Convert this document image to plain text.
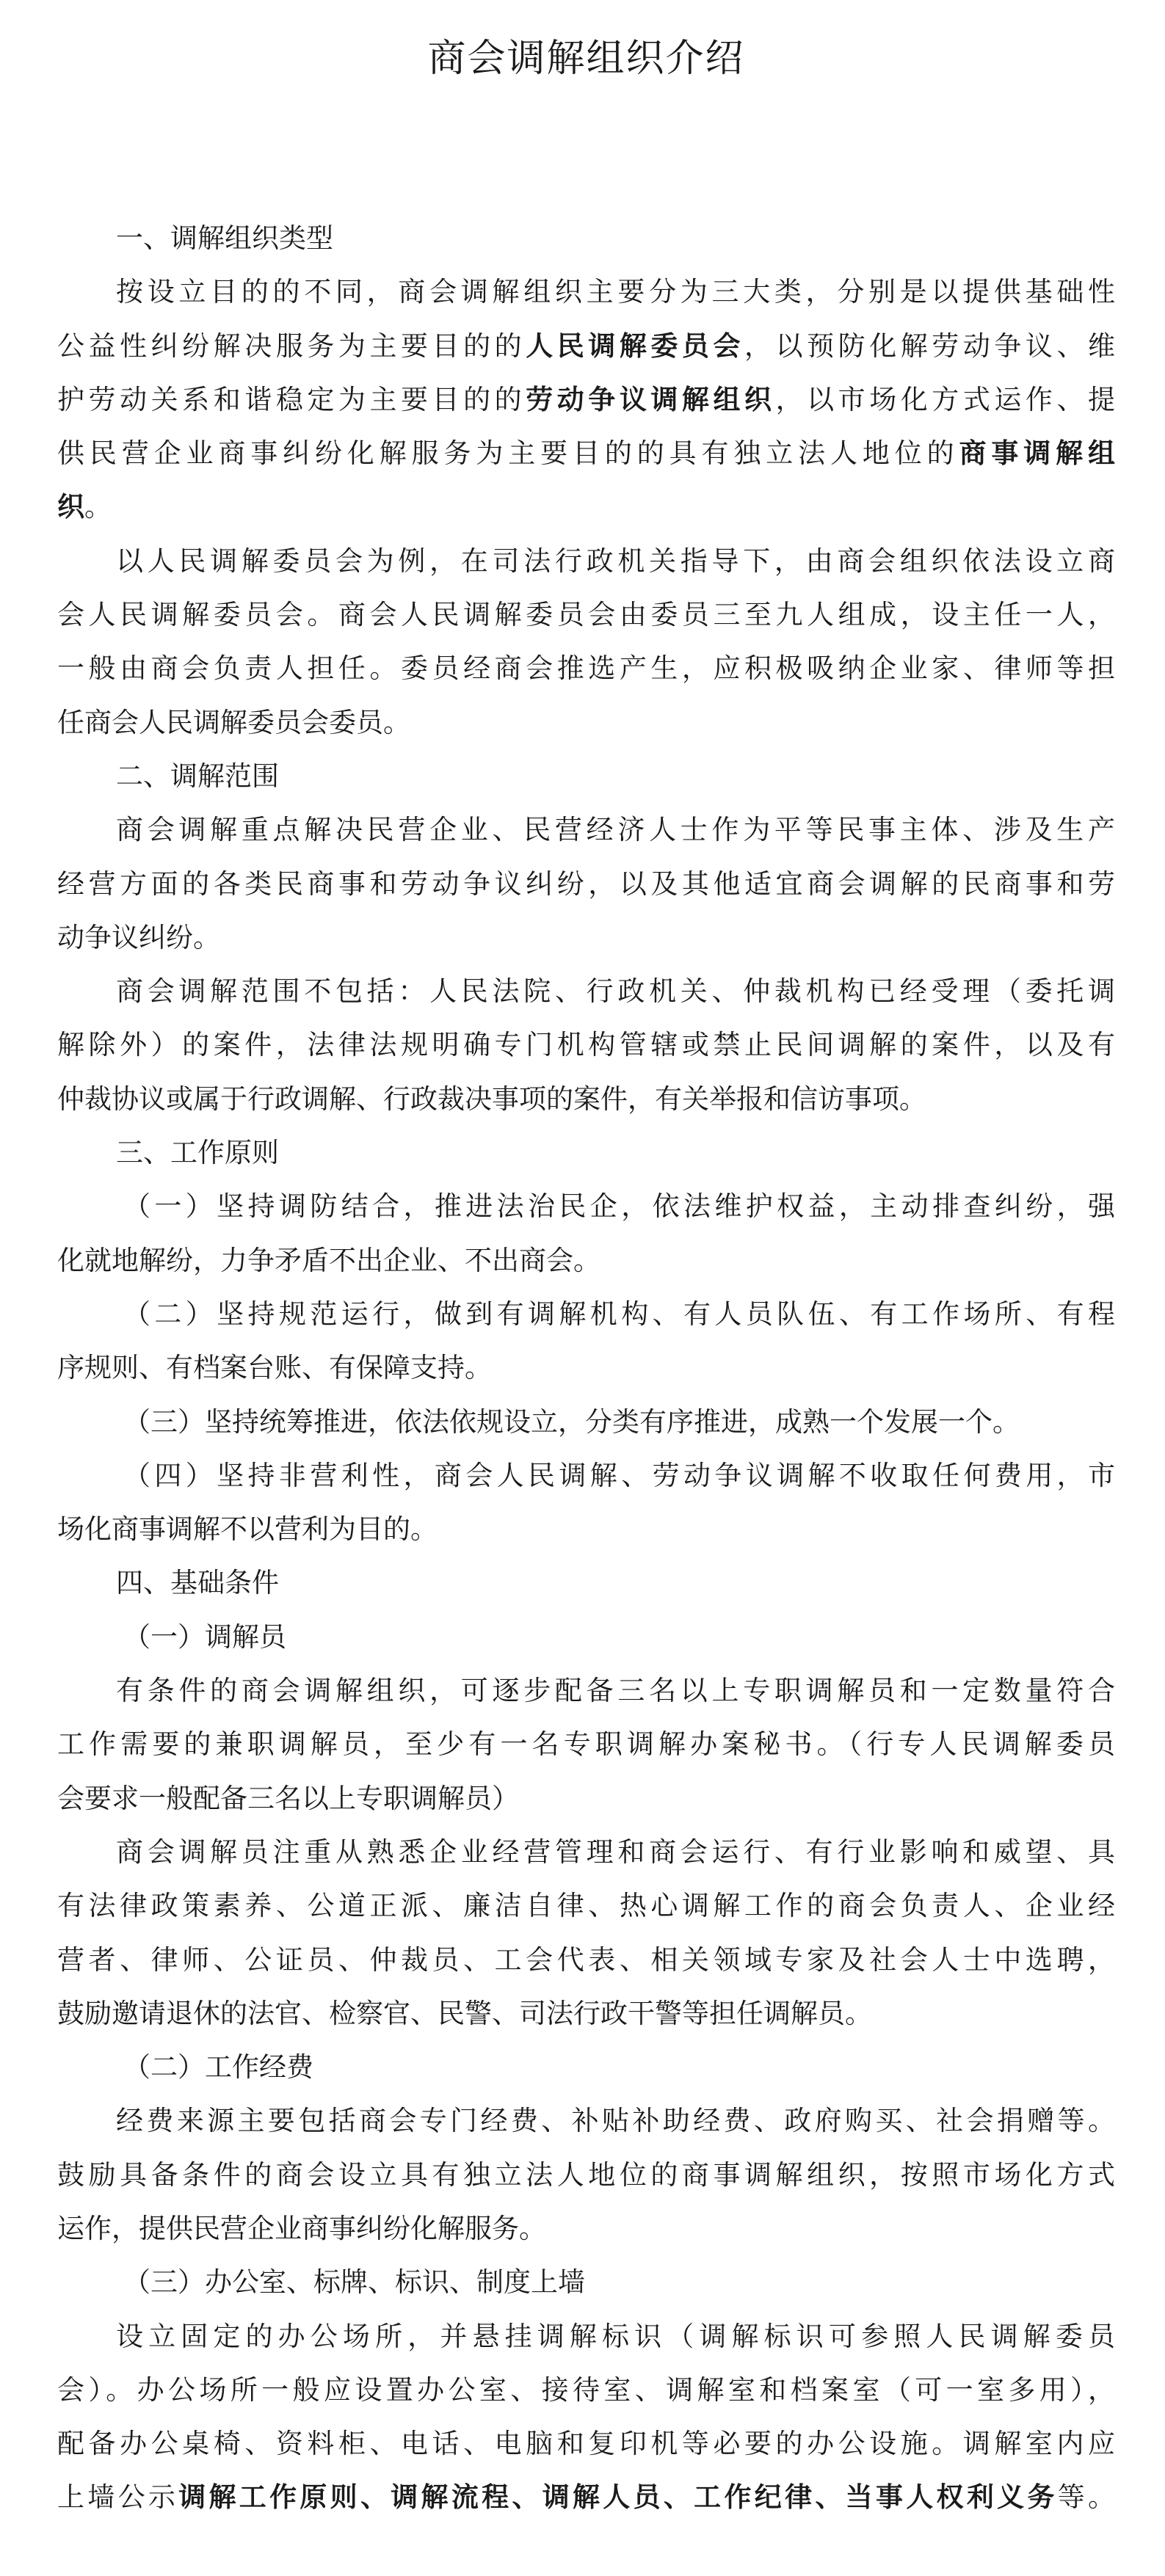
商会调解组织介绍
一、调解组织类型
按设立目的的不同，商会调解组织主要分为三大类，分别是以提供基础性
公益性纠纷解决服务为主要目的的人民调解委员会，以预防化解劳动争议、维
护劳动关系和谐稳定为主要目的的劳动争议调解组织，以市场化方式运作、提
供民营企业商事纠纷化解服务为主要目的的具有独立法人地位的商事调解组
织。
以人民调解委员会为例，在司法行政机关指导下，由商会组织依法设立商
会人民调解委员会。商会人民调解委员会由委员三至九人组成，设主任一人，
一般由商会负责人担任。委员经商会推选产生，应积极吸纳企业家、律师等担
任商会人民调解委员会委员。
二、调解范围
商会调解重点解决民营企业、民营经济人士作为平等民事主体、涉及生产
经营方面的各类民商事和劳动争议纠纷，以及其他适宜商会调解的民商事和劳
动争议纠纷。
商会调解范围不包括：人民法院、行政机关、仲裁机构已经受理（委托调
解除外）的案件，法律法规明确专门机构管辖或禁止民间调解的案件，以及有
仲裁协议或属于行政调解、行政裁决事项的案件，有关举报和信访事项。
三、工作原则
（一）坚持调防结合，推进法治民企，依法维护权益，主动排查纠纷，强
化就地解纷，力争矛盾不出企业、不出商会。
（二）坚持规范运行，做到有调解机构、有人员队伍、有工作场所、有程
序规则、有档案台账、有保障支持。
（三）坚持统筹推进，依法依规设立，分类有序推进，成熟一个发展一个。
（四）坚持非营利性，商会人民调解、劳动争议调解不收取任何费用，市
场化商事调解不以营利为目的。
四、基础条件
（一）调解员
有条件的商会调解组织，可逐步配备三名以上专职调解员和一定数量符合
工作需要的兼职调解员，至少有一名专职调解办案秘书。（行专人民调解委员
会要求一般配备三名以上专职调解员）
商会调解员注重从熟悉企业经营管理和商会运行、有行业影响和威望、具
有法律政策素养、公道正派、廉洁自律、热心调解工作的商会负责人、企业经
营者、律师、公证员、仲裁员、工会代表、相关领域专家及社会人士中选聘，
鼓励邀请退休的法官、检察官、民警、司法行政干警等担任调解员。
（二）工作经费
经费来源主要包括商会专门经费、补贴补助经费、政府购买、社会捐赠等。
鼓励具备条件的商会设立具有独立法人地位的商事调解组织，按照市场化方式
运作，提供民营企业商事纠纷化解服务。
（三）办公室、标牌、标识、制度上墙
设立固定的办公场所，并悬挂调解标识（调解标识可参照人民调解委员
会）。办公场所一般应设置办公室、接待室、调解室和档案室（可一室多用），
配备办公桌椅、资料柜、电话、电脑和复印机等必要的办公设施。调解室内应
上墙公示调解工作原则、调解流程、调解人员、工作纪律、当事人权利义务等。
